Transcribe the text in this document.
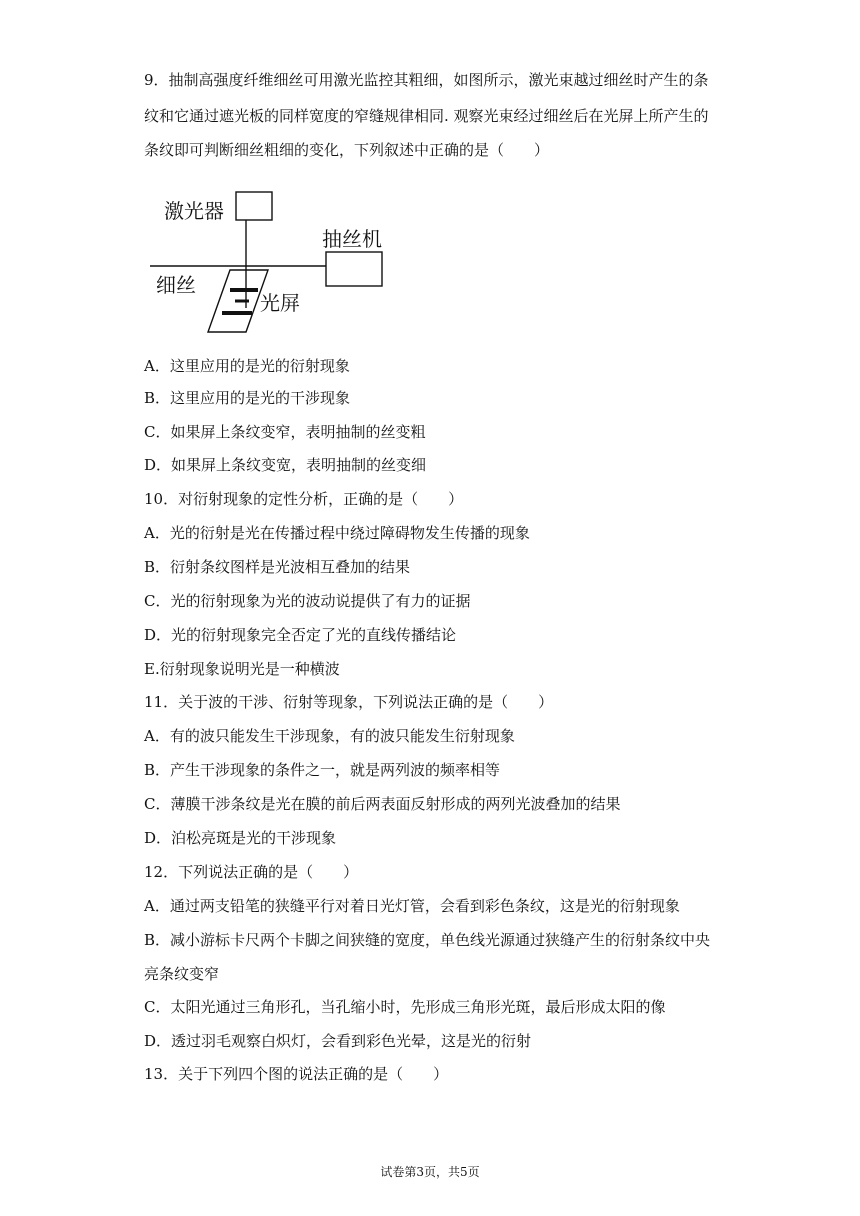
9．抽制高强度纤维细丝可用激光监控其粗细，如图所示，激光束越过细丝时产生的条
纹和它通过遮光板的同样宽度的窄缝规律相同. 观察光束经过细丝后在光屏上所产生的
条纹即可判断细丝粗细的变化，下列叙述中正确的是（　　）
激光器
细丝
抽丝机
光屏
A．这里应用的是光的衍射现象
B．这里应用的是光的干涉现象
C．如果屏上条纹变窄，表明抽制的丝变粗
D．如果屏上条纹变宽，表明抽制的丝变细
10．对衍射现象的定性分析，正确的是（　　）
A．光的衍射是光在传播过程中绕过障碍物发生传播的现象
B．衍射条纹图样是光波相互叠加的结果
C．光的衍射现象为光的波动说提供了有力的证据
D．光的衍射现象完全否定了光的直线传播结论
E.衍射现象说明光是一种横波
11．关于波的干涉、衍射等现象，下列说法正确的是（　　）
A．有的波只能发生干涉现象，有的波只能发生衍射现象
B．产生干涉现象的条件之一，就是两列波的频率相等
C．薄膜干涉条纹是光在膜的前后两表面反射形成的两列光波叠加的结果
D．泊松亮斑是光的干涉现象
12．下列说法正确的是（　　）
A．通过两支铅笔的狭缝平行对着日光灯管，会看到彩色条纹，这是光的衍射现象
B．减小游标卡尺两个卡脚之间狭缝的宽度，单色线光源通过狭缝产生的衍射条纹中央
亮条纹变窄
C．太阳光通过三角形孔，当孔缩小时，先形成三角形光斑，最后形成太阳的像
D．透过羽毛观察白炽灯，会看到彩色光晕，这是光的衍射
13．关于下列四个图的说法正确的是（　　）
试卷第3页，共5页
